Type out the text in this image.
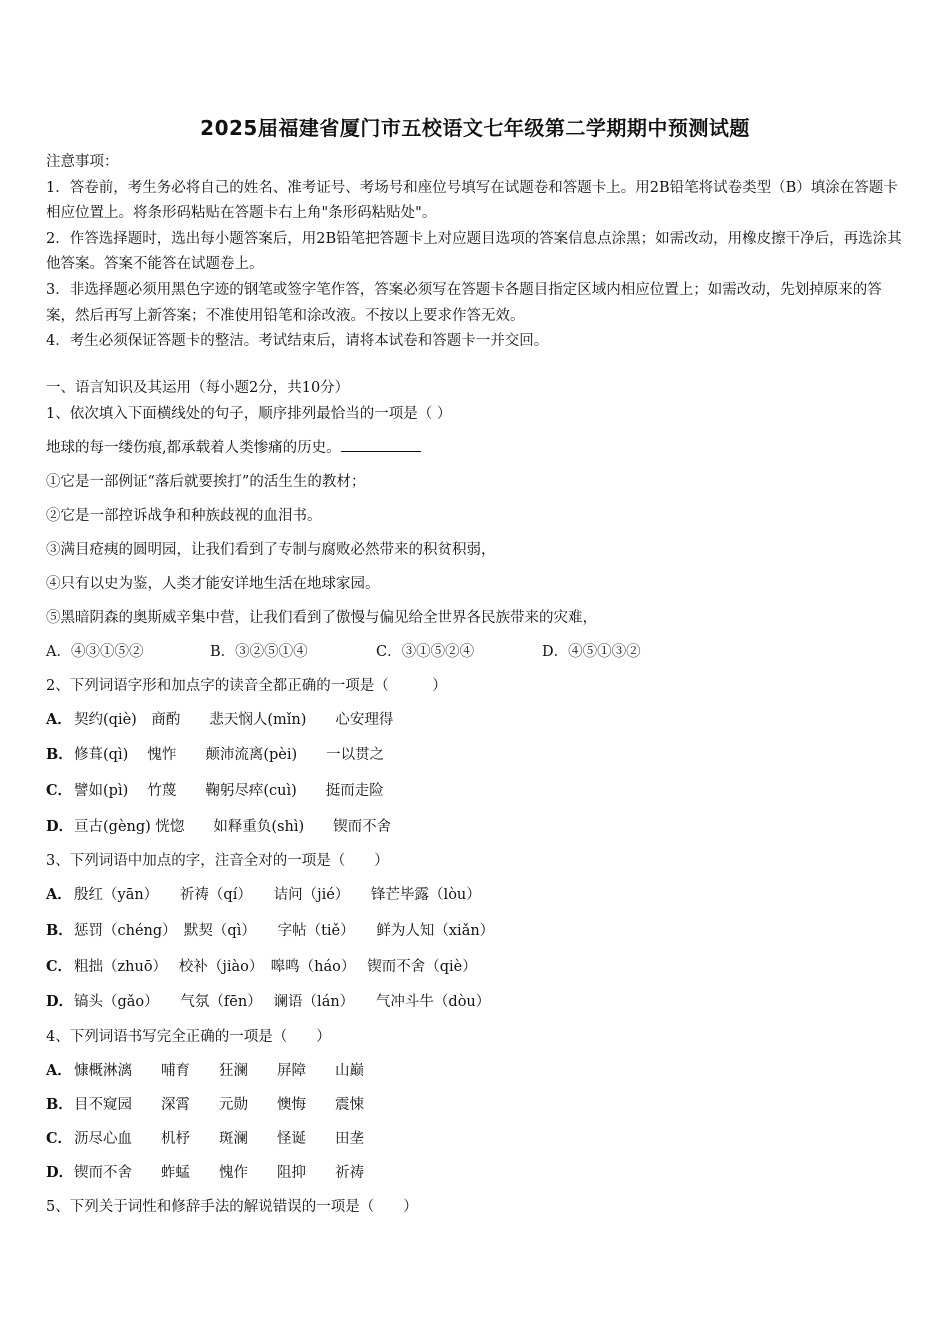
2025届福建省厦门市五校语文七年级第二学期期中预测试题

注意事项：

1．答卷前，考生务必将自己的姓名、准考证号、考场号和座位号填写在试题卷和答题卡上。用2B铅笔将试卷类型（B）填涂在答题卡相应位置上。将条形码粘贴在答题卡右上角"条形码粘贴处"。

2．作答选择题时，选出每小题答案后，用2B铅笔把答题卡上对应题目选项的答案信息点涂黑；如需改动，用橡皮擦干净后，再选涂其他答案。答案不能答在试题卷上。

3．非选择题必须用黑色字迹的钢笔或签字笔作答，答案必须写在答题卡各题目指定区域内相应位置上；如需改动，先划掉原来的答案，然后再写上新答案；不准使用铅笔和涂改液。不按以上要求作答无效。

4．考生必须保证答题卡的整洁。考试结束后，请将本试卷和答题卡一并交回。

一、语言知识及其运用（每小题2分，共10分）
1、依次填入下面横线处的句子，顺序排列最恰当的一项是（ ）
地球的每一缕伤痕,都承载着人类惨痛的历史。
①它是一部例证“落后就要挨打”的活生生的教材；
②它是一部控诉战争和种族歧视的血泪书。
③满目疮痍的圆明园，让我们看到了专制与腐败必然带来的积贫积弱，
④只有以史为鉴，人类才能安详地生活在地球家园。
⑤黑暗阴森的奥斯威辛集中营，让我们看到了傲慢与偏见给全世界各民族带来的灾难，
A．④③①⑤②	B．③②⑤①④	C．③①⑤②④	D．④⑤①③②
2、下列词语字形和加点字的读音全都正确的一项是（　　　）
A． 契约(qiè)　商酌　　悲天悯人(mǐn)　　心安理得
B．修葺(qì)　 愧怍　　颠沛流离(pèi)　　一以贯之
C． 譬如(pì)　 竹蔑　　鞠躬尽瘁(cuì)　　挺而走险
D．亘古(gèng) 恍惚　　如释重负(shì)　　锲而不舍
3、下列词语中加点的字，注音全对的一项是（　　）
A． 殷红（yān）　　祈祷（qí）　　诘问（jié）　　锋芒毕露（lòu）
B．惩罚（chéng）　默契（qì）　　字帖（tiě）　　鲜为人知（xiǎn）
C． 粗拙（zhuō）　 校补（jiào）　嗥鸣（háo）　 锲而不舍（qiè）
D．镐头（gǎo）　　气氛（fēn）　 谰语（lán）　　气冲斗牛（dòu）
4、下列词语书写完全正确的一项是（　　）
A． 慷概淋漓　　哺育　　狂澜　　屏障　　山巅
B．目不窥园　　深霄　　元勋　　懊悔　　震悚
C． 沥尽心血　　机杼　　斑澜　　怪诞　　田垄
D．锲而不舍　　蚱蜢　　愧作　　阻抑　　祈祷
5、下列关于词性和修辞手法的解说错误的一项是（　　）
